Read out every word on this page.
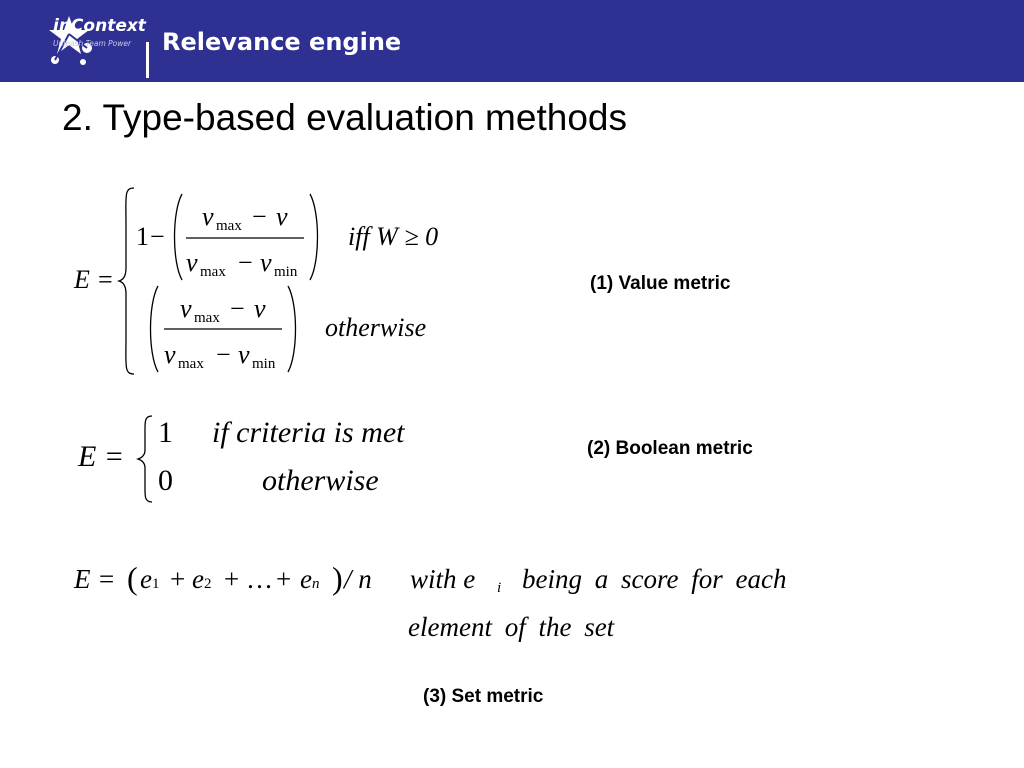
inContext
Unleash Team Power Relevance engine
2. Type-based evaluation methods
E =
1 −
v max − v
v max − v min
iff W ≥ 0
v max − v
v max − v min
otherwise
(1) Value metric
E =
1 if criteria is met
0	otherwise
(2) Boolean metric
E = ( e1 + e2 + … + en ) / n with e i being a score for each
element of the set
(3) Set metric
